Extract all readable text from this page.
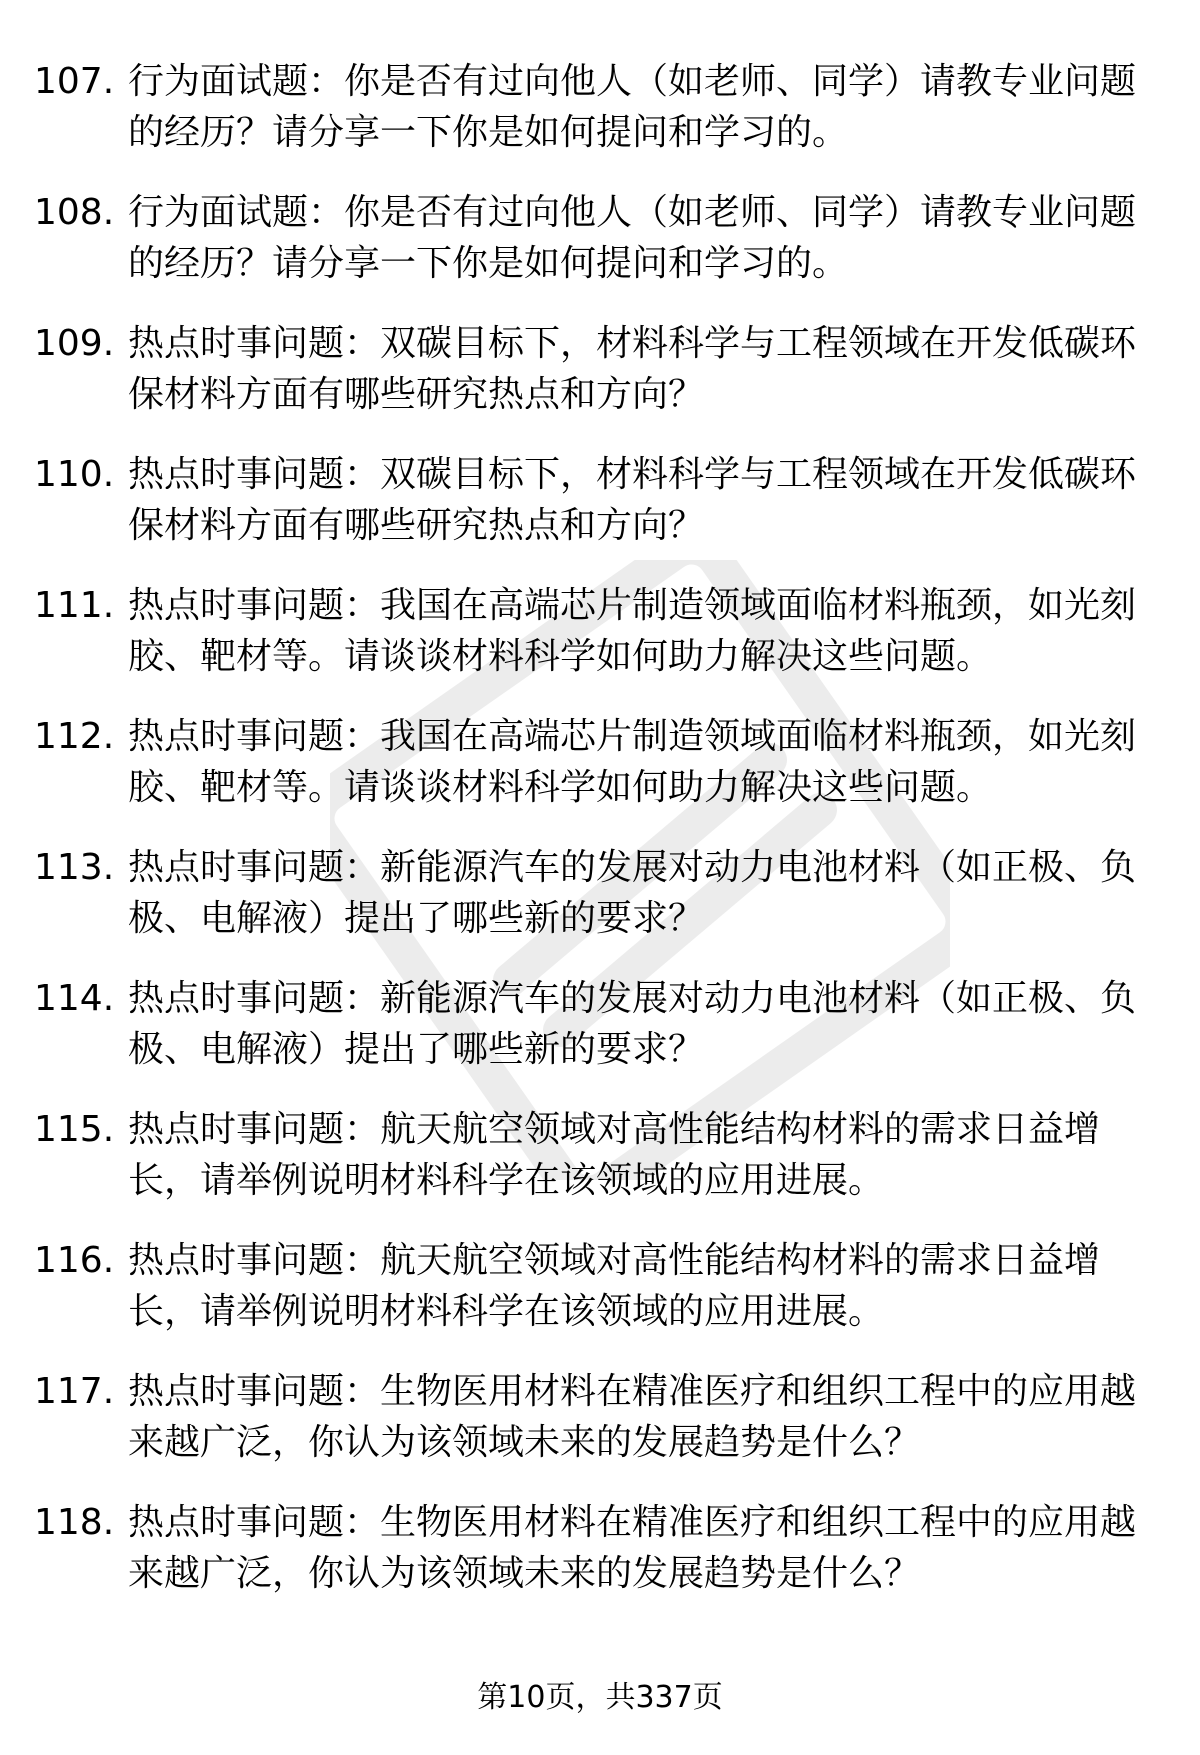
107. 行为面试题：你是否有过向他人（如老师、同学）请教专业问题
的经历？请分享一下你是如何提问和学习的。
108. 行为面试题：你是否有过向他人（如老师、同学）请教专业问题
的经历？请分享一下你是如何提问和学习的。
109. 热点时事问题：双碳目标下，材料科学与工程领域在开发低碳环
保材料方面有哪些研究热点和方向？
110. 热点时事问题：双碳目标下，材料科学与工程领域在开发低碳环
保材料方面有哪些研究热点和方向？
111. 热点时事问题：我国在高端芯片制造领域面临材料瓶颈，如光刻
胶、靶材等。请谈谈材料科学如何助力解决这些问题。
112. 热点时事问题：我国在高端芯片制造领域面临材料瓶颈，如光刻
胶、靶材等。请谈谈材料科学如何助力解决这些问题。
113. 热点时事问题：新能源汽车的发展对动力电池材料（如正极、负
极、电解液）提出了哪些新的要求？
114. 热点时事问题：新能源汽车的发展对动力电池材料（如正极、负
极、电解液）提出了哪些新的要求？
115. 热点时事问题：航天航空领域对高性能结构材料的需求日益增
长，请举例说明材料科学在该领域的应用进展。
116. 热点时事问题：航天航空领域对高性能结构材料的需求日益增
长，请举例说明材料科学在该领域的应用进展。
117. 热点时事问题：生物医用材料在精准医疗和组织工程中的应用越
来越广泛，你认为该领域未来的发展趋势是什么？
118. 热点时事问题：生物医用材料在精准医疗和组织工程中的应用越
来越广泛，你认为该领域未来的发展趋势是什么？
第10页，共337页
